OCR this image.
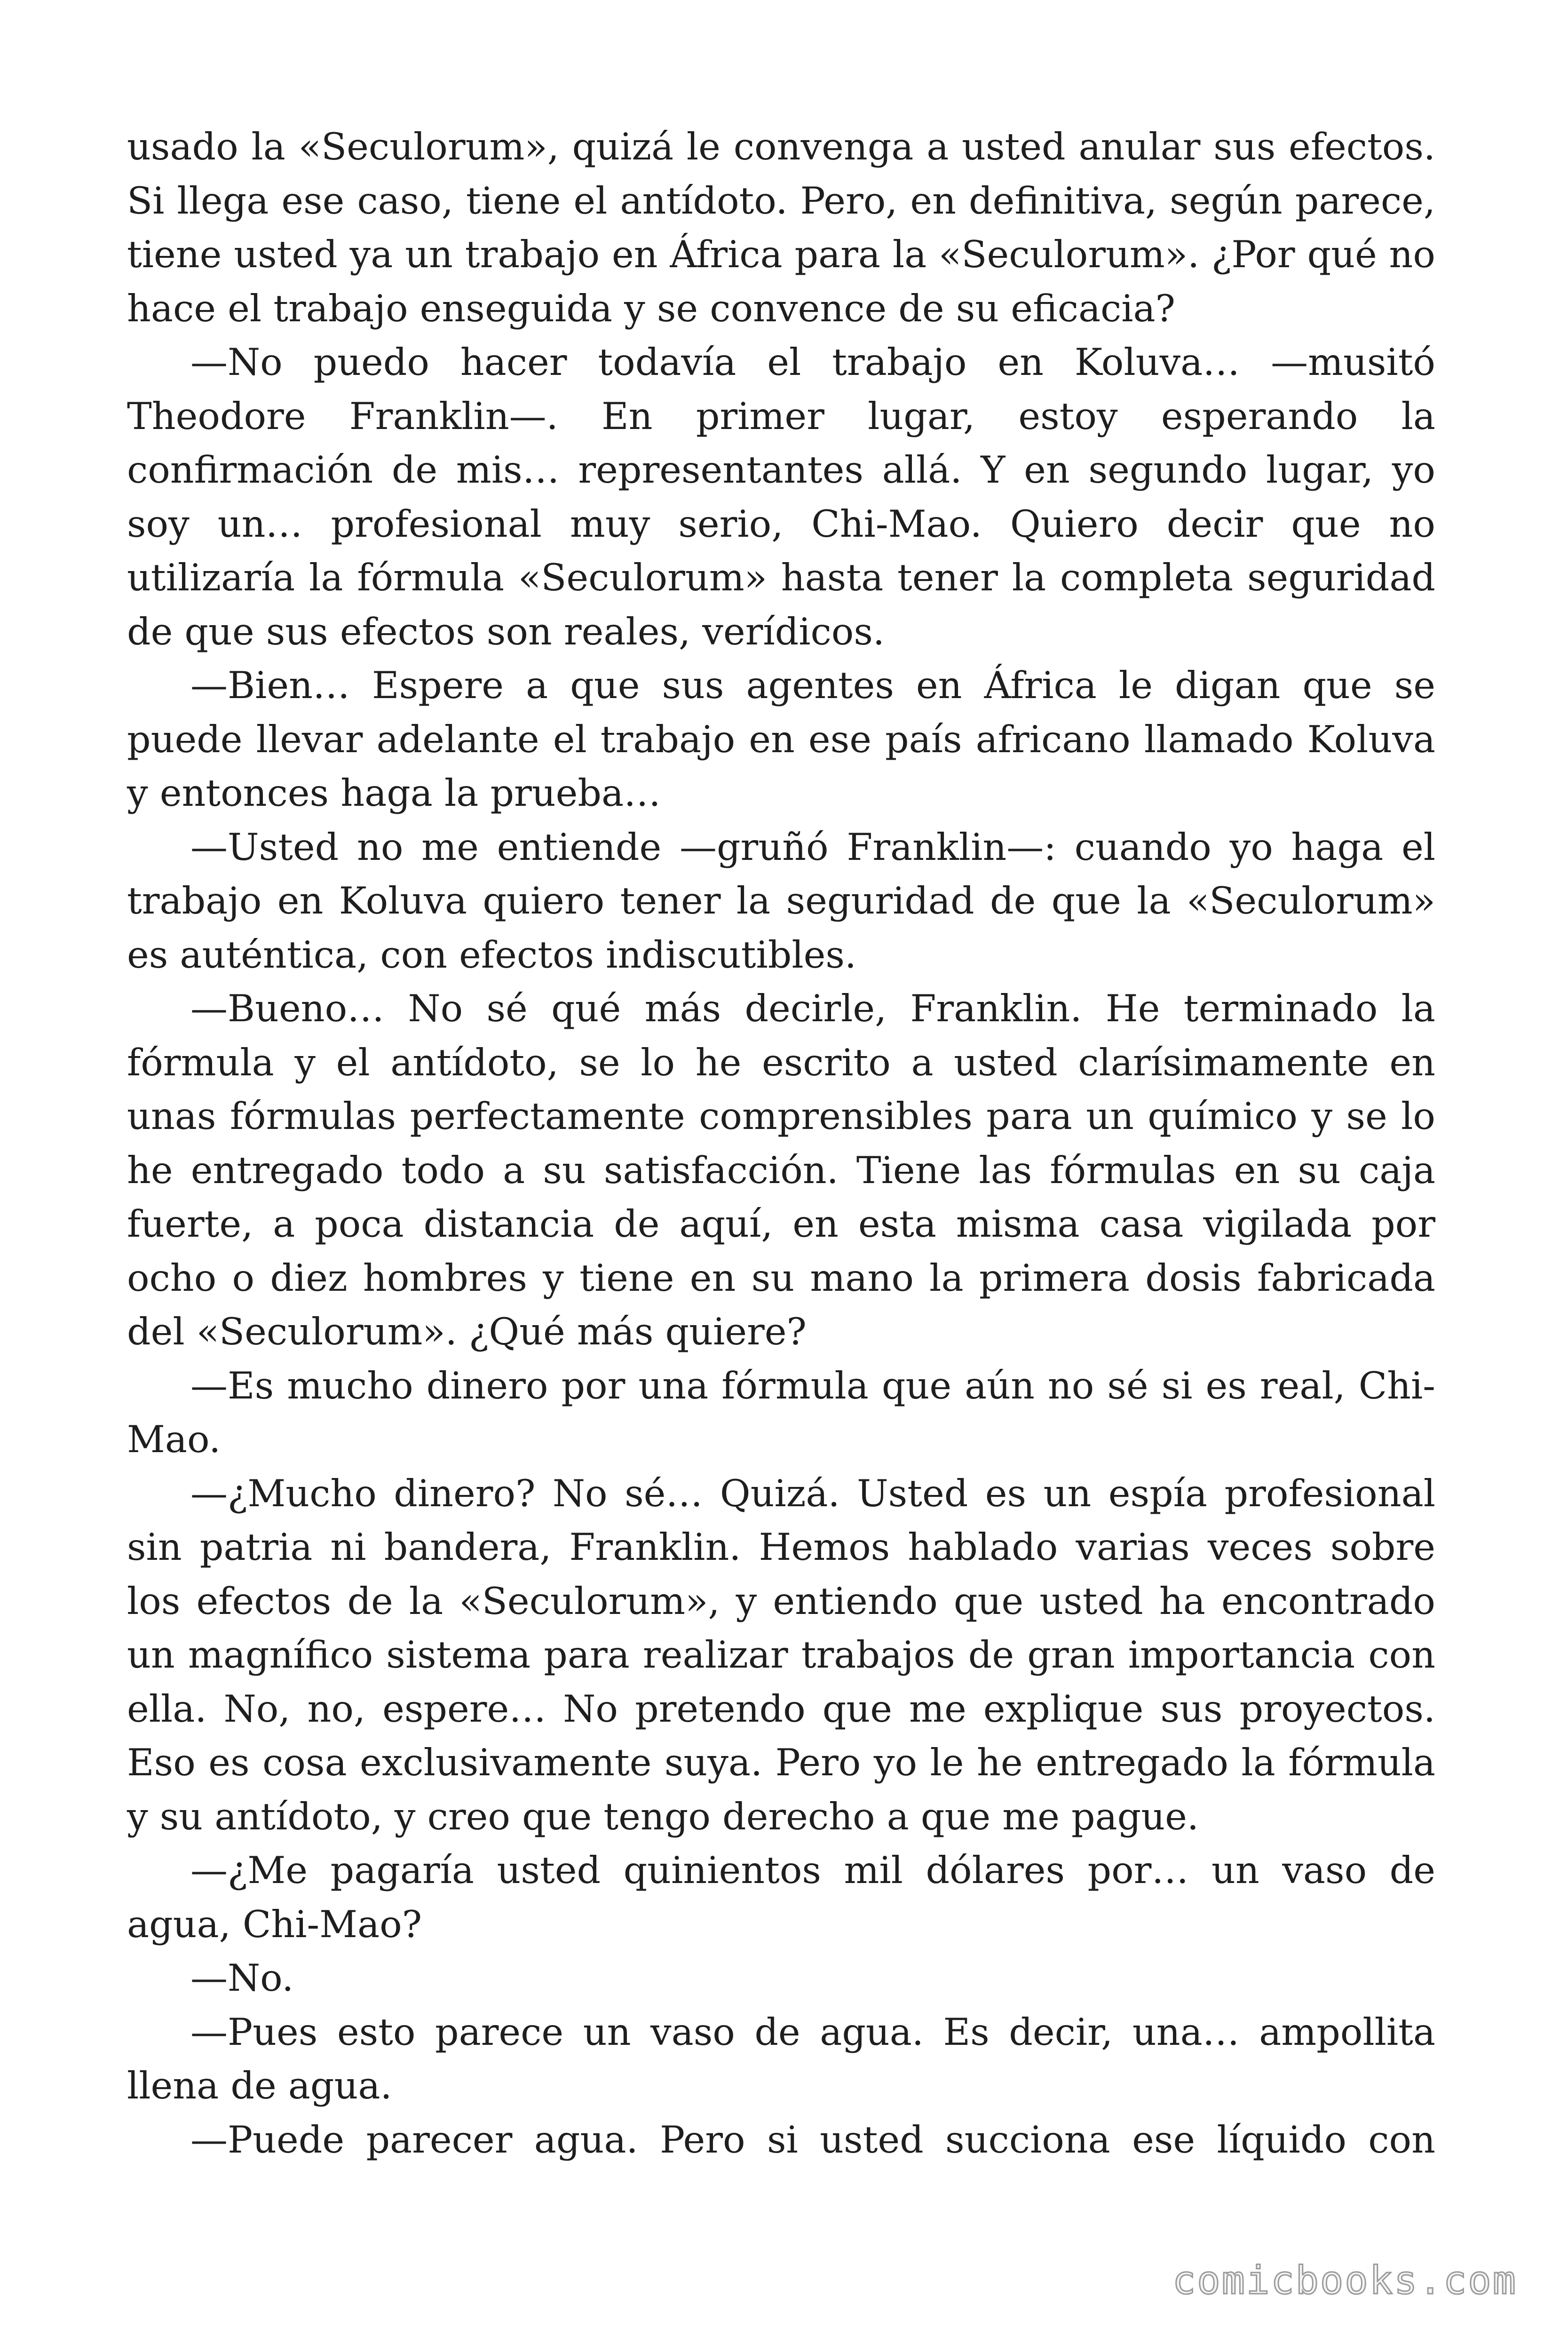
usado la «Seculorum», quizá le convenga a usted anular sus efectos. Si llega ese caso, tiene el antídoto. Pero, en definitiva, según parece, tiene usted ya un trabajo en África para la «Seculorum». ¿Por qué no hace el trabajo enseguida y se convence de su eficacia?

—No puedo hacer todavía el trabajo en Koluva… —musitó Theodore Franklin—. En primer lugar, estoy esperando la confirmación de mis… representantes allá. Y en segundo lugar, yo soy un… profesional muy serio, Chi-Mao. Quiero decir que no utilizaría la fórmula «Seculorum» hasta tener la completa seguridad de que sus efectos son reales, verídicos.

—Bien… Espere a que sus agentes en África le digan que se puede llevar adelante el trabajo en ese país africano llamado Koluva y entonces haga la prueba…

—Usted no me entiende —gruñó Franklin—: cuando yo haga el trabajo en Koluva quiero tener la seguridad de que la «Seculorum» es auténtica, con efectos indiscutibles.

—Bueno… No sé qué más decirle, Franklin. He terminado la fórmula y el antídoto, se lo he escrito a usted clarísimamente en unas fórmulas perfectamente comprensibles para un químico y se lo he entregado todo a su satisfacción. Tiene las fórmulas en su caja fuerte, a poca distancia de aquí, en esta misma casa vigilada por ocho o diez hombres y tiene en su mano la primera dosis fabricada del «Seculorum». ¿Qué más quiere?

—Es mucho dinero por una fórmula que aún no sé si es real, Chi-Mao.

—¿Mucho dinero? No sé… Quizá. Usted es un espía profesional sin patria ni bandera, Franklin. Hemos hablado varias veces sobre los efectos de la «Seculorum», y entiendo que usted ha encontrado un magnífico sistema para realizar trabajos de gran importancia con ella. No, no, espere… No pretendo que me explique sus proyectos. Eso es cosa exclusivamente suya. Pero yo le he entregado la fórmula y su antídoto, y creo que tengo derecho a que me pague.

—¿Me pagaría usted quinientos mil dólares por… un vaso de agua, Chi-Mao?

—No.

—Pues esto parece un vaso de agua. Es decir, una… ampollita llena de agua.

—Puede parecer agua. Pero si usted succiona ese líquido con

comicbooks.com
